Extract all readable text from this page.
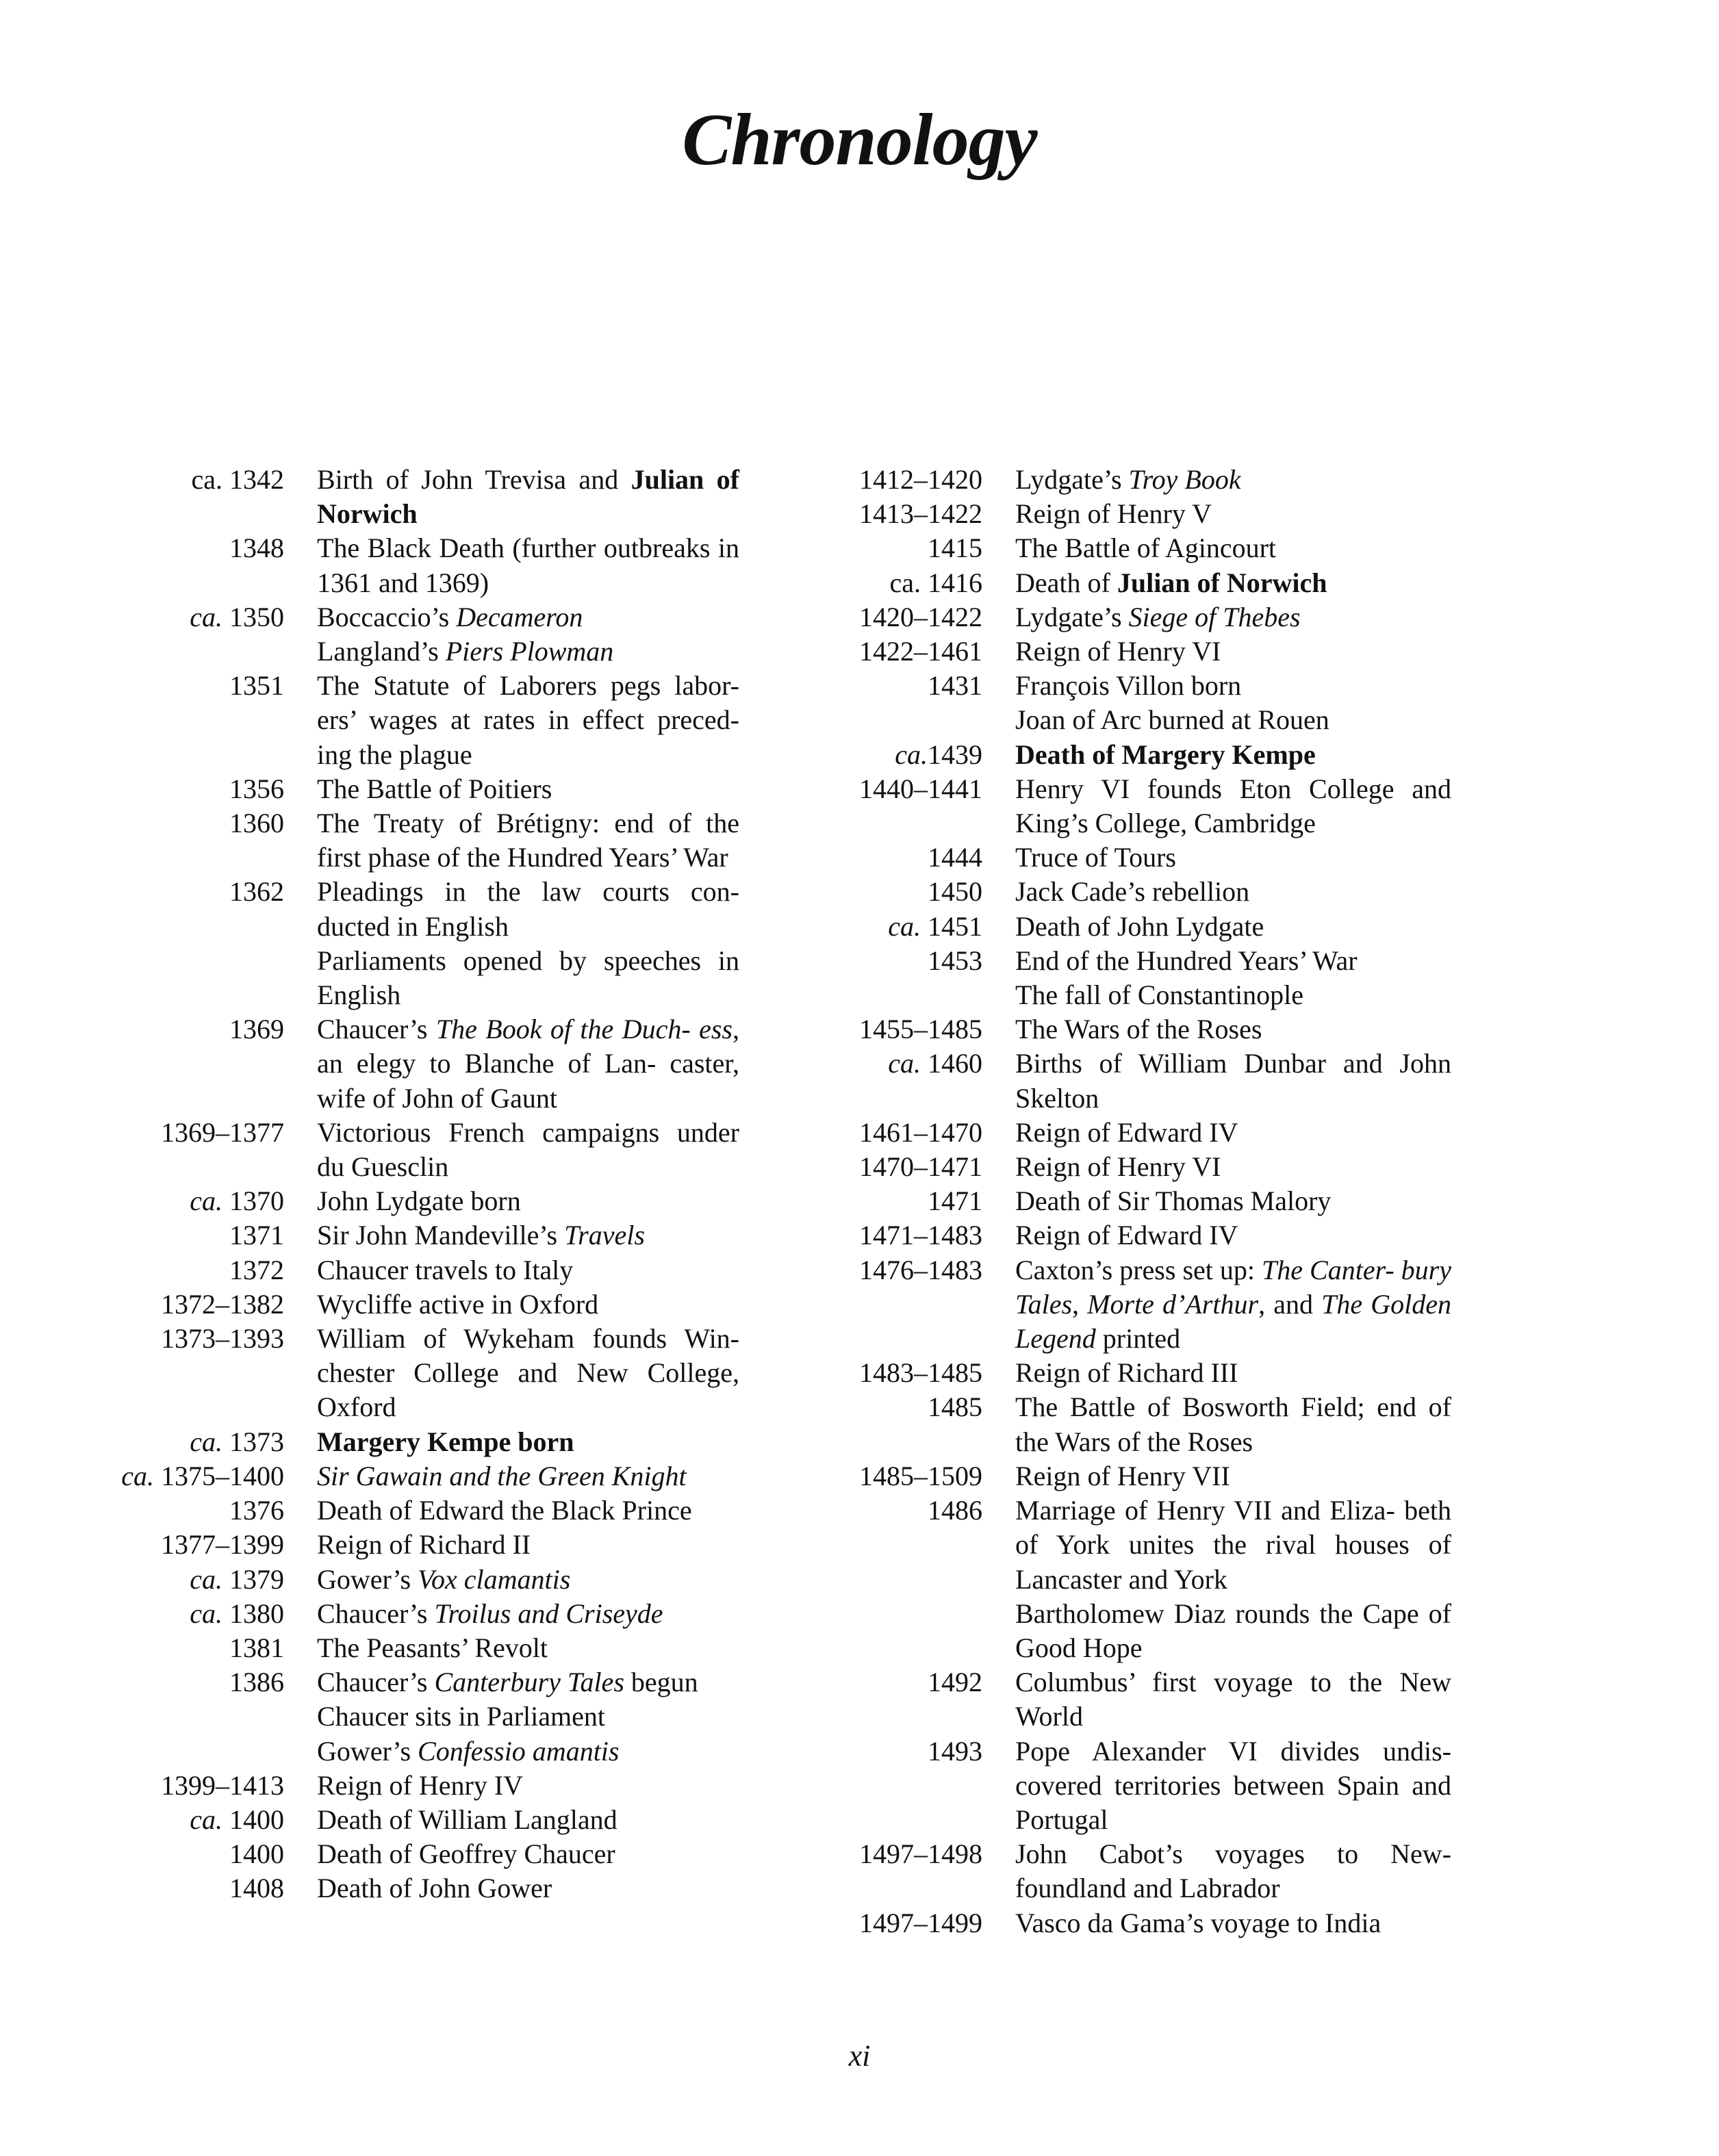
Chronology
ca. 1342 Birth of John Trevisa and Julian of Norwich
1348 The Black Death (further outbreaks in 1361 and 1369)
ca. 1350 Boccaccio’s Decameron
Langland’s Piers Plowman
1351 The Statute of Laborers pegs labor- ers’ wages at rates in effect preced- ing the plague
1356 The Battle of Poitiers
1360 The Treaty of Brétigny: end of the first phase of the Hundred Years’ War
1362 Pleadings in the law courts con- ducted in English
Parliaments opened by speeches in English
1369 Chaucer’s The Book of the Duch- ess, an elegy to Blanche of Lan- caster, wife of John of Gaunt
1369–1377 Victorious French campaigns under du Guesclin
ca. 1370 John Lydgate born
1371 Sir John Mandeville’s Travels
1372 Chaucer travels to Italy
1372–1382 Wycliffe active in Oxford
1373–1393 William of Wykeham founds Win- chester College and New College, Oxford
ca. 1373 Margery Kempe born
ca. 1375–1400 Sir Gawain and the Green Knight
1376 Death of Edward the Black Prince
1377–1399 Reign of Richard II
ca. 1379 Gower’s Vox clamantis
ca. 1380 Chaucer’s Troilus and Criseyde
1381 The Peasants’ Revolt
1386 Chaucer’s Canterbury Tales begun
Chaucer sits in Parliament
Gower’s Confessio amantis
1399–1413 Reign of Henry IV
ca. 1400 Death of William Langland
1400 Death of Geoffrey Chaucer
1408 Death of John Gower
1412–1420 Lydgate’s Troy Book
1413–1422 Reign of Henry V
1415 The Battle of Agincourt
ca. 1416 Death of Julian of Norwich
1420–1422 Lydgate’s Siege of Thebes
1422–1461 Reign of Henry VI
1431 François Villon born
Joan of Arc burned at Rouen
ca.1439 Death of Margery Kempe
1440–1441 Henry VI founds Eton College and King’s College, Cambridge
1444 Truce of Tours
1450 Jack Cade’s rebellion
ca. 1451 Death of John Lydgate
1453 End of the Hundred Years’ War
The fall of Constantinople
1455–1485 The Wars of the Roses
ca. 1460 Births of William Dunbar and John Skelton
1461–1470 Reign of Edward IV
1470–1471 Reign of Henry VI
1471 Death of Sir Thomas Malory
1471–1483 Reign of Edward IV
1476–1483 Caxton’s press set up: The Canter- bury Tales, Morte d’Arthur, and The Golden Legend printed
1483–1485 Reign of Richard III
1485 The Battle of Bosworth Field; end of the Wars of the Roses
1485–1509 Reign of Henry VII
1486 Marriage of Henry VII and Eliza- beth of York unites the rival houses of Lancaster and York
Bartholomew Diaz rounds the Cape of Good Hope
1492 Columbus’ first voyage to the New World
1493 Pope Alexander VI divides undis- covered territories between Spain and Portugal
1497–1498 John Cabot’s voyages to New- foundland and Labrador
1497–1499 Vasco da Gama’s voyage to India
xi
